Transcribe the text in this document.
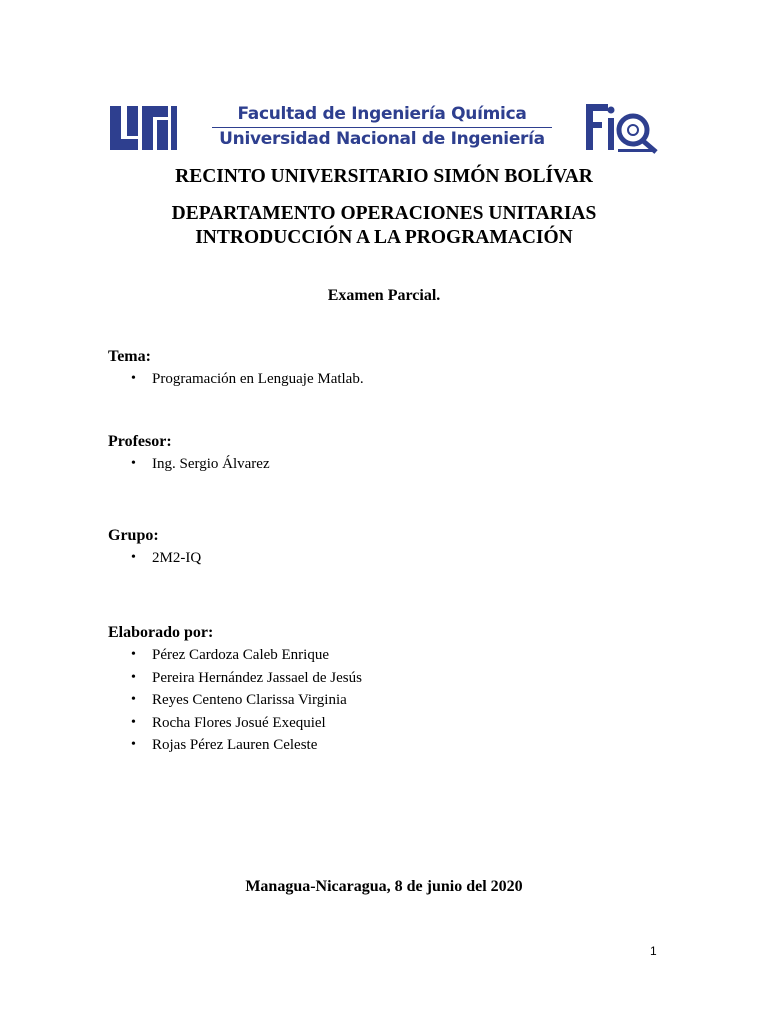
Facultad de Ingeniería Química
Universidad Nacional de Ingeniería
RECINTO UNIVERSITARIO SIMÓN BOLÍVAR
DEPARTAMENTO OPERACIONES UNITARIAS
INTRODUCCIÓN A LA PROGRAMACIÓN
Examen Parcial.
Tema:
• Programación en Lenguaje Matlab.
Profesor:
• Ing. Sergio Álvarez
Grupo:
• 2M2-IQ
Elaborado por:
• Pérez Cardoza Caleb Enrique
• Pereira Hernández Jassael de Jesús
• Reyes Centeno Clarissa Virginia
• Rocha Flores Josué Exequiel
• Rojas Pérez Lauren Celeste
Managua-Nicaragua, 8 de junio del 2020
1
